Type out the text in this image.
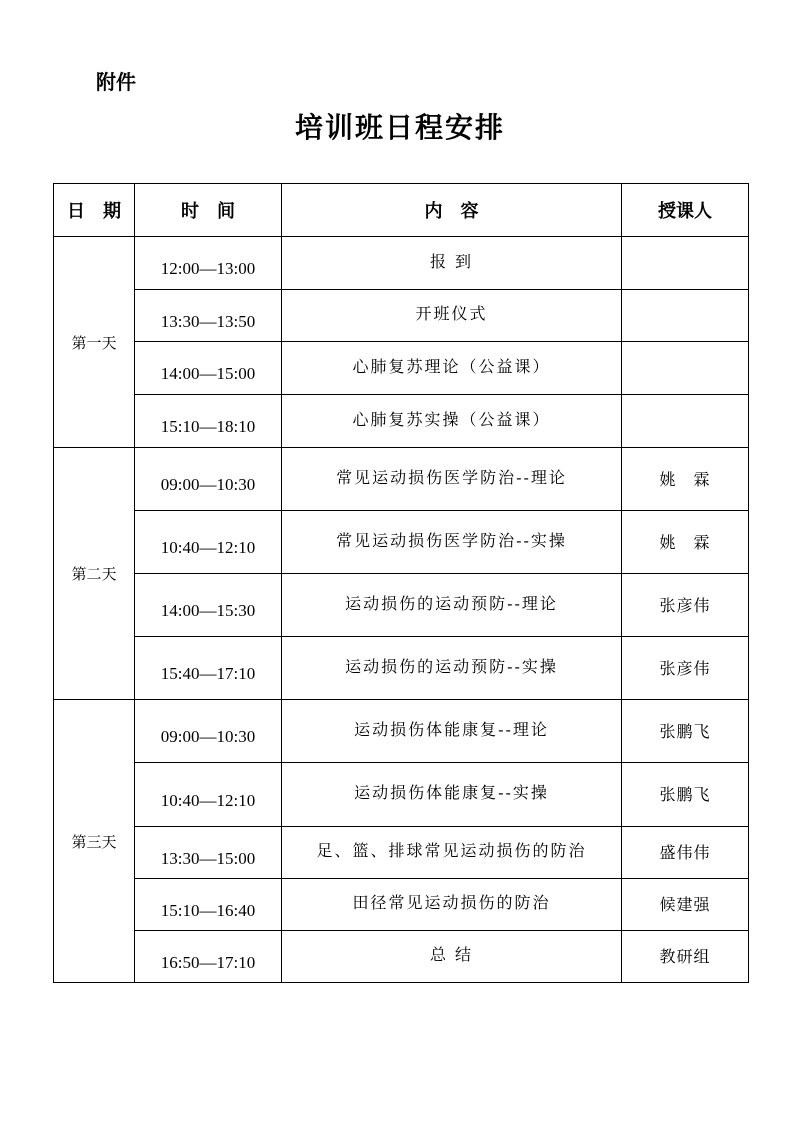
附件
培训班日程安排
日　期	时　间	内　容	授课人
第一天	12:00—13:00	报 到	

	13:30—13:50	开班仪式	

	14:00—15:00	心肺复苏理论（公益课）	

	15:10—18:10	心肺复苏实操（公益课）	

第二天	09:00—10:30	常见运动损伤医学防治--理论	姚　霖

	10:40—12:10	常见运动损伤医学防治--实操	姚　霖

	14:00—15:30	运动损伤的运动预防--理论	张彦伟

	15:40—17:10	运动损伤的运动预防--实操	张彦伟

第三天	09:00—10:30	运动损伤体能康复--理论	张鹏飞

	10:40—12:10	运动损伤体能康复--实操	张鹏飞

	13:30—15:00	足、篮、排球常见运动损伤的防治	盛伟伟

	15:10—16:40	田径常见运动损伤的防治	候建强

	16:50—17:10	总 结	教研组
